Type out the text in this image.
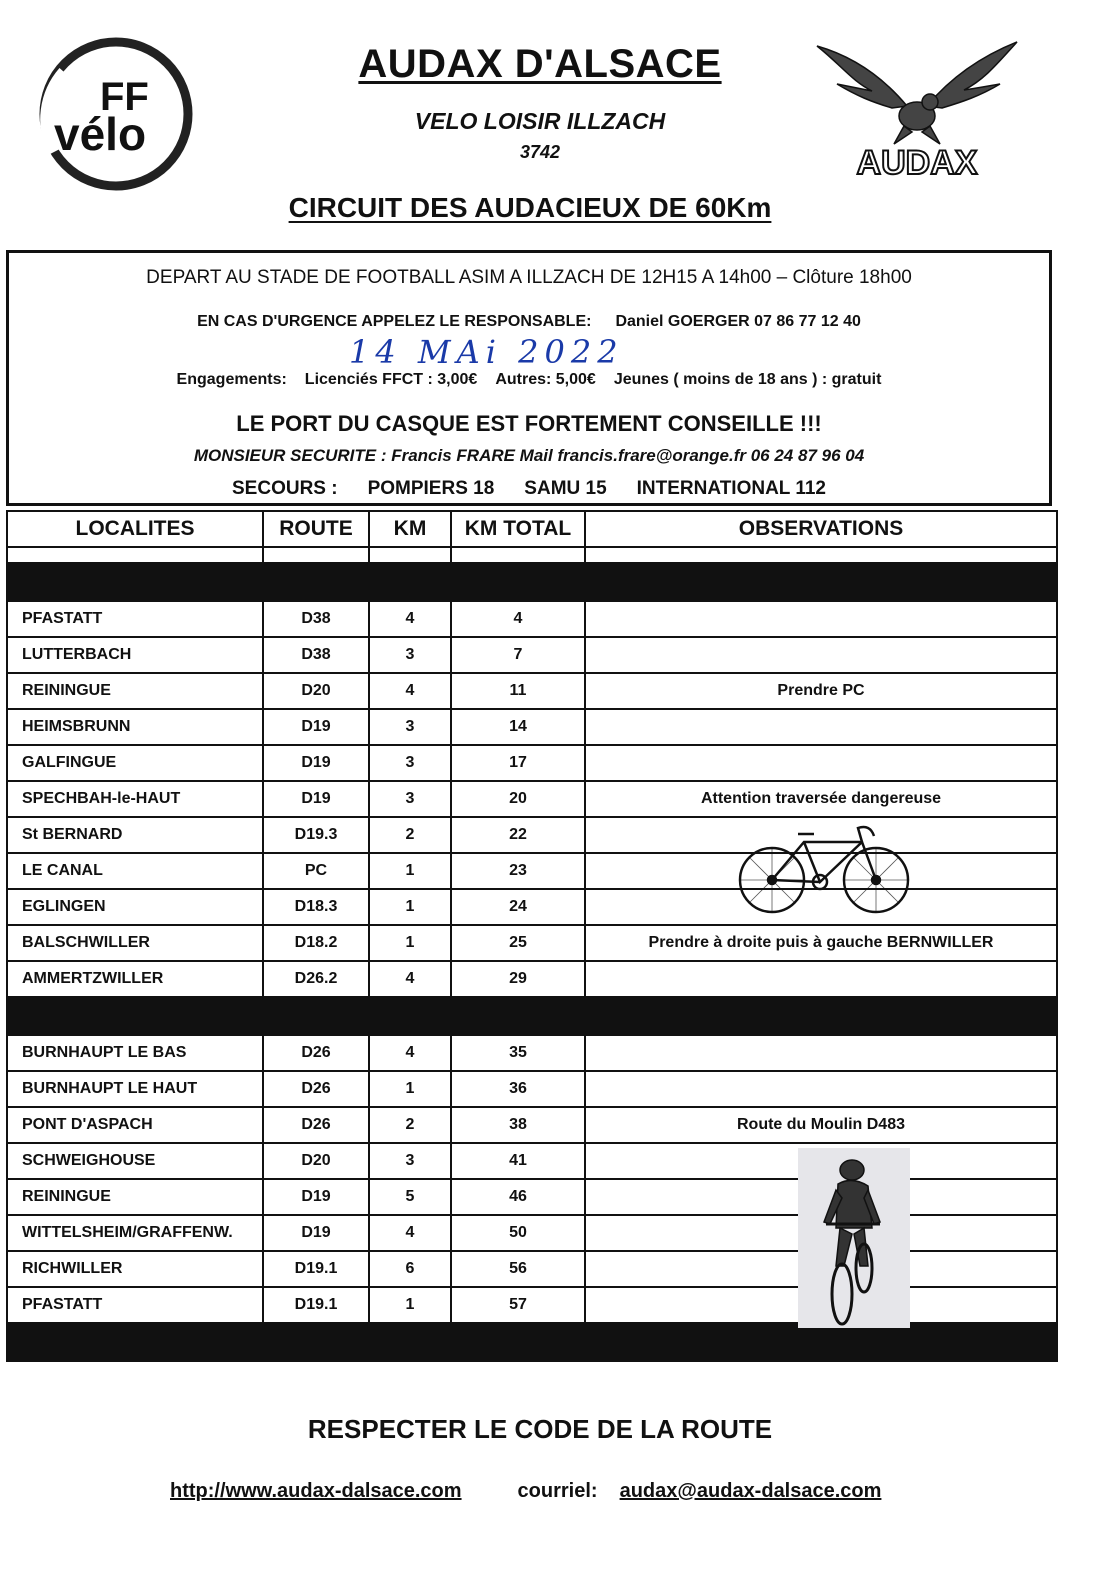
FF
vélo
AUDAX
AUDAX D'ALSACE
VELO LOISIR ILLZACH
3742
CIRCUIT DES AUDACIEUX DE 60Km
DEPART AU STADE DE FOOTBALL ASIM A ILLZACH DE 12H15 A 14h00 – Clôture 18h00
EN CAS D'URGENCE APPELEZ LE RESPONSABLE: Daniel GOERGER 07 86 77 12 40
14 MAi 2022
Engagements: Licenciés FFCT : 3,00€ Autres: 5,00€ Jeunes ( moins de 18 ans ) : gratuit
LE PORT DU CASQUE EST FORTEMENT CONSEILLE !!!
MONSIEUR SECURITE : Francis FRARE Mail francis.frare@orange.fr 06 24 87 96 04
SECOURS : POMPIERS 18 SAMU 15 INTERNATIONAL 112
LOCALITES	ROUTE	KM	KM TOTAL	OBSERVATIONS

PFASTATT	D38	4	4	
LUTTERBACH	D38	3	7	
REININGUE	D20	4	11	Prendre PC
HEIMSBRUNN	D19	3	14	
GALFINGUE	D19	3	17	
SPECHBAH-le-HAUT	D19	3	20	Attention traversée dangereuse
St BERNARD	D19.3	2	22	
LE CANAL	PC	1	23	
EGLINGEN	D18.3	1	24	
BALSCHWILLER	D18.2	1	25	Prendre à droite puis à gauche BERNWILLER
AMMERTZWILLER	D26.2	4	29	

BURNHAUPT LE BAS	D26	4	35	
BURNHAUPT LE HAUT	D26	1	36	
PONT D'ASPACH	D26	2	38	Route du Moulin D483
SCHWEIGHOUSE	D20	3	41	
REININGUE	D19	5	46	
WITTELSHEIM/GRAFFENW.	D19	4	50	
RICHWILLER	D19.1	6	56	
PFASTATT	D19.1	1	57	

RESPECTER LE CODE DE LA ROUTE
http://www.audax-dalsace.com	courriel: audax@audax-dalsace.com
